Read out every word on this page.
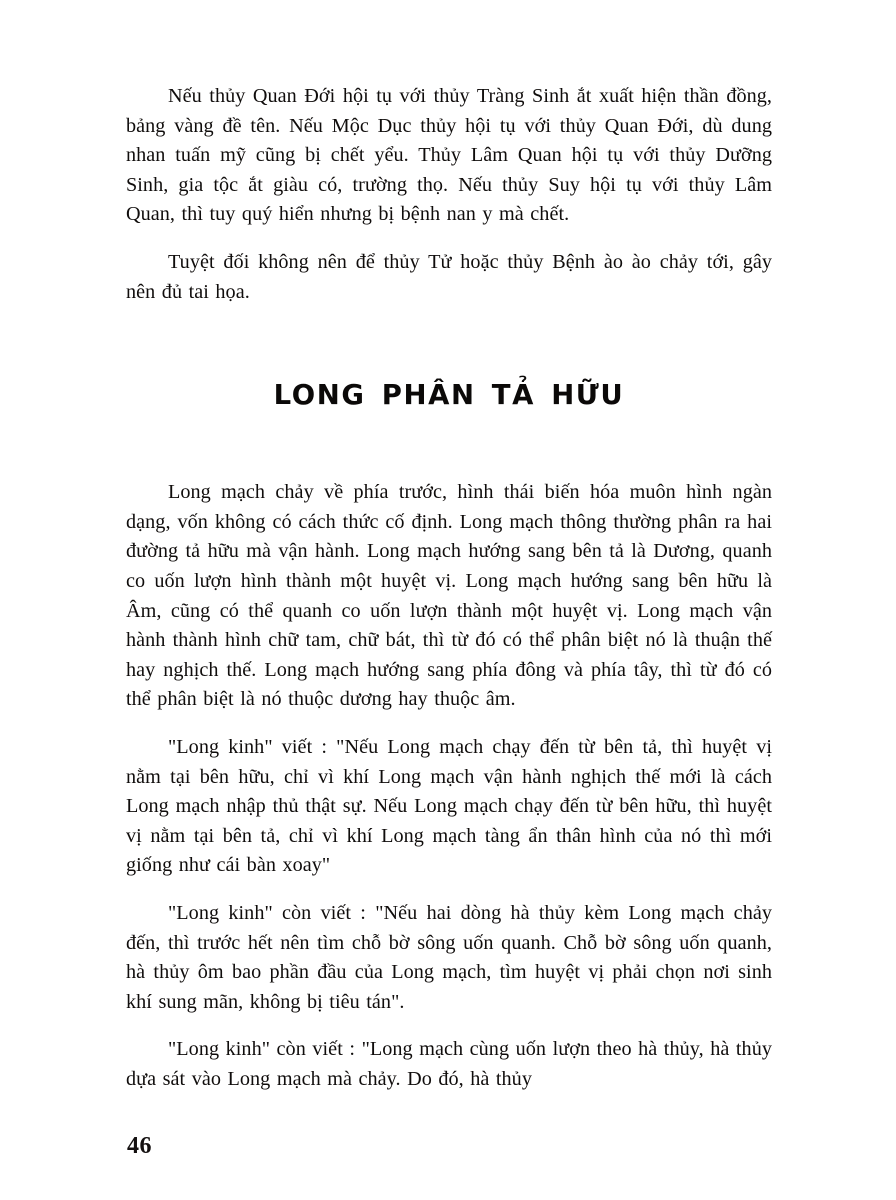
Nếu thủy Quan Đới hội tụ với thủy Tràng Sinh ắt xuất hiện thần đồng, bảng vàng đề tên. Nếu Mộc Dục thủy hội tụ với thủy Quan Đới, dù dung nhan tuấn mỹ cũng bị chết yểu. Thủy Lâm Quan hội tụ với thủy Dưỡng Sinh, gia tộc ắt giàu có, trường thọ. Nếu thủy Suy hội tụ với thủy Lâm Quan, thì tuy quý hiển nhưng bị bệnh nan y mà chết.

Tuyệt đối không nên để thủy Tử hoặc thủy Bệnh ào ào chảy tới, gây nên đủ tai họa.

LONG PHÂN TẢ HỮU

Long mạch chảy về phía trước, hình thái biến hóa muôn hình ngàn dạng, vốn không có cách thức cố định. Long mạch thông thường phân ra hai đường tả hữu mà vận hành. Long mạch hướng sang bên tả là Dương, quanh co uốn lượn hình thành một huyệt vị. Long mạch hướng sang bên hữu là Âm, cũng có thể quanh co uốn lượn thành một huyệt vị. Long mạch vận hành thành hình chữ tam, chữ bát, thì từ đó có thể phân biệt nó là thuận thế hay nghịch thế. Long mạch hướng sang phía đông và phía tây, thì từ đó có thể phân biệt là nó thuộc dương hay thuộc âm.

"Long kinh" viết : "Nếu Long mạch chạy đến từ bên tả, thì huyệt vị nằm tại bên hữu, chỉ vì khí Long mạch vận hành nghịch thế mới là cách Long mạch nhập thủ thật sự. Nếu Long mạch chạy đến từ bên hữu, thì huyệt vị nằm tại bên tả, chỉ vì khí Long mạch tàng ẩn thân hình của nó thì mới giống như cái bàn xoay"

"Long kinh" còn viết : "Nếu hai dòng hà thủy kèm Long mạch chảy đến, thì trước hết nên tìm chỗ bờ sông uốn quanh. Chỗ bờ sông uốn quanh, hà thủy ôm bao phần đầu của Long mạch, tìm huyệt vị phải chọn nơi sinh khí sung mãn, không bị tiêu tán".

"Long kinh" còn viết : "Long mạch cùng uốn lượn theo hà thủy, hà thủy dựa sát vào Long mạch mà chảy. Do đó, hà thủy

46
